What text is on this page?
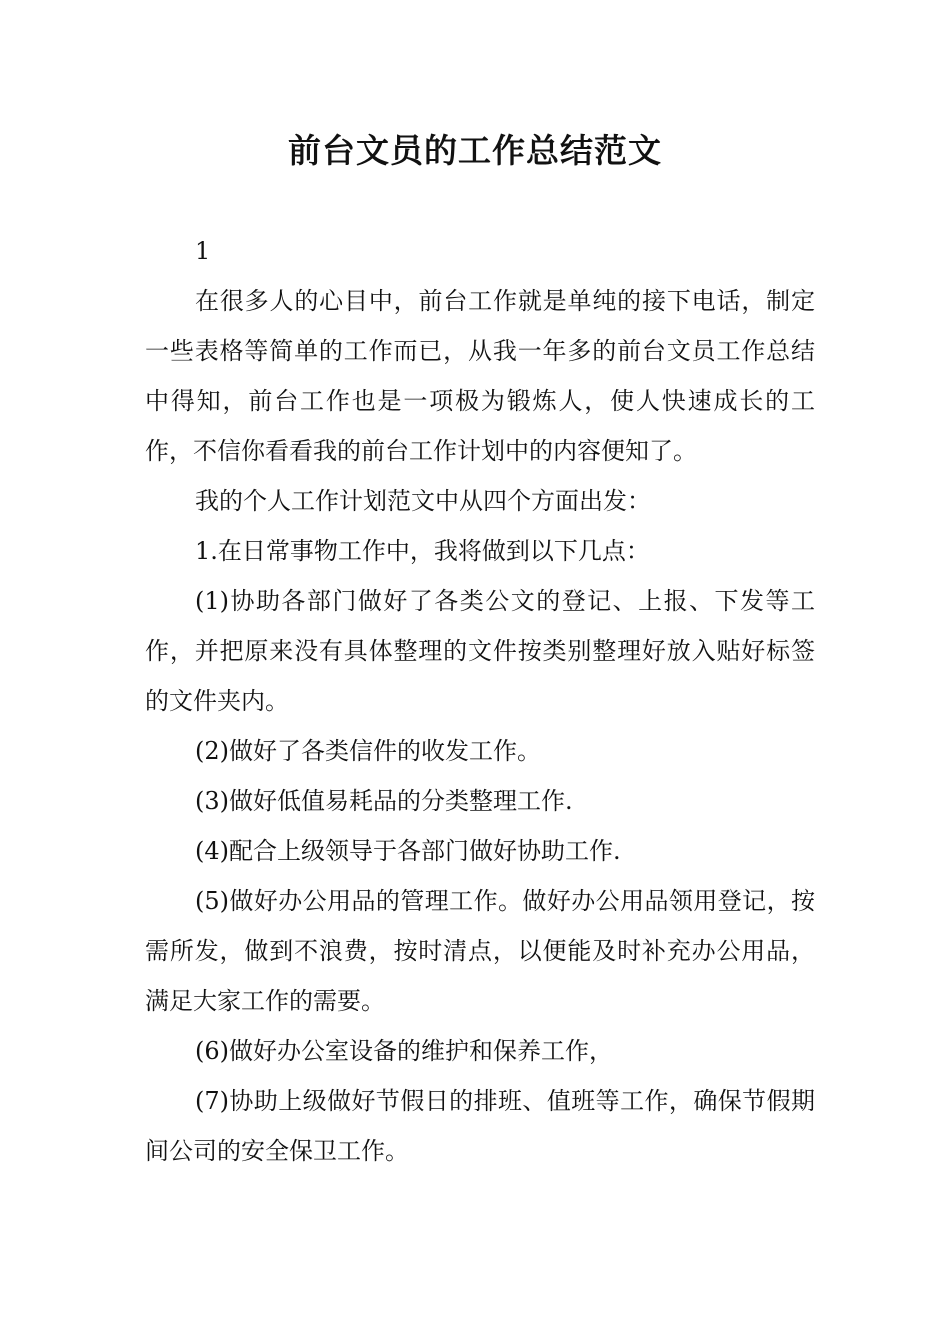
前台文员的工作总结范文

1

在很多人的心目中，前台工作就是单纯的接下电话，制定一些表格等简单的工作而已，从我一年多的前台文员工作总结中得知，前台工作也是一项极为锻炼人，使人快速成长的工作，不信你看看我的前台工作计划中的内容便知了。

我的个人工作计划范文中从四个方面出发：

1.在日常事物工作中，我将做到以下几点：

(1)协助各部门做好了各类公文的登记、上报、下发等工作，并把原来没有具体整理的文件按类别整理好放入贴好标签的文件夹内。

(2)做好了各类信件的收发工作。

(3)做好低值易耗品的分类整理工作.

(4)配合上级领导于各部门做好协助工作.

(5)做好办公用品的管理工作。做好办公用品领用登记，按需所发，做到不浪费，按时清点，以便能及时补充办公用品，满足大家工作的需要。

(6)做好办公室设备的维护和保养工作，

(7)协助上级做好节假日的排班、值班等工作，确保节假期间公司的安全保卫工作。
